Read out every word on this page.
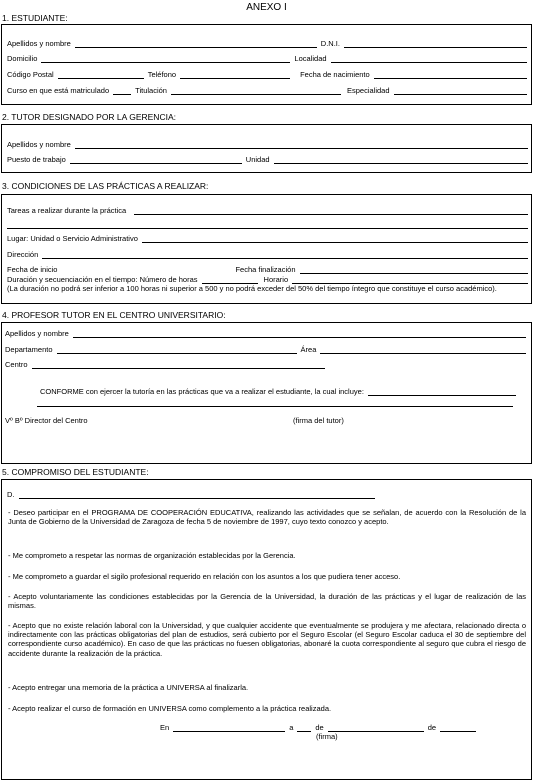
ANEXO I
1. ESTUDIANTE:
Apellidos y nombre	D.N.I.
Domicilio	Localidad
Código Postal	Teléfono	Fecha de nacimiento
Curso en que está matriculado	Titulación	Especialidad
2. TUTOR DESIGNADO POR LA GERENCIA:
Apellidos y nombre
Puesto de trabajo	Unidad
3. CONDICIONES DE LAS PRÁCTICAS A REALIZAR:
Tareas a realizar durante la práctica
Lugar: Unidad o Servicio Administrativo
Dirección
Fecha de inicio	Fecha finalización
Duración y secuenciación en el tiempo: Número de horas	Horario
(La duración no podrá ser inferior a 100 horas ni superior a 500 y no podrá exceder del 50% del tiempo íntegro que constituye el curso académico).
4. PROFESOR TUTOR EN EL CENTRO UNIVERSITARIO:
Apellidos y nombre
Departamento	Área
Centro
CONFORME con ejercer la tutoría en las prácticas que va a realizar el estudiante, la cual incluye:
Vº Bº Director del Centro	(firma del tutor)
5. COMPROMISO DEL ESTUDIANTE:
D.
- Deseo participar en el PROGRAMA DE COOPERACIÓN EDUCATIVA, realizando las actividades que se señalan, de acuerdo con la Resolución de la Junta de Gobierno de la Universidad de Zaragoza de fecha 5 de noviembre de 1997, cuyo texto conozco y acepto.
- Me comprometo a respetar las normas de organización establecidas por la Gerencia.
- Me comprometo a guardar el sigilo profesional requerido en relación con los asuntos a los que pudiera tener acceso.
- Acepto voluntariamente las condiciones establecidas por la Gerencia de la Universidad, la duración de las prácticas y el lugar de realización de las mismas.
- Acepto que no existe relación laboral con la Universidad, y que cualquier accidente que eventualmente se produjera y me afectara, relacionado directa o indirectamente con las prácticas obligatorias del plan de estudios, será cubierto por el Seguro Escolar (el Seguro Escolar caduca el 30 de septiembre del correspondiente curso académico). En caso de que las prácticas no fuesen obligatorias, abonaré la cuota correspondiente al seguro que cubra el riesgo de accidente durante la realización de la práctica.
- Acepto entregar una memoria de la práctica a UNIVERSA al finalizarla.
- Acepto realizar el curso de formación en UNIVERSA como complemento a la práctica realizada.
En	a	de	de
(firma)
